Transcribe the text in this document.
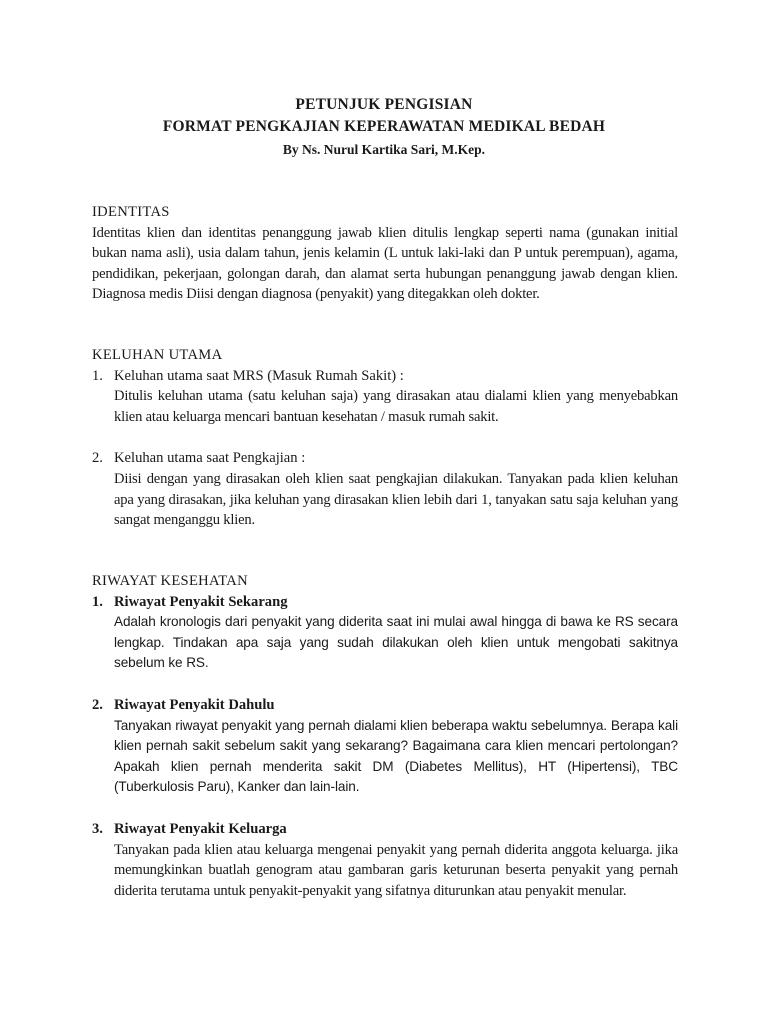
PETUNJUK PENGISIAN
FORMAT PENGKAJIAN KEPERAWATAN MEDIKAL BEDAH
By Ns. Nurul Kartika Sari, M.Kep.
IDENTITAS

Identitas klien dan identitas penanggung jawab klien ditulis lengkap seperti nama (gunakan initial bukan nama asli), usia dalam tahun, jenis kelamin (L untuk laki-laki dan P untuk perempuan), agama, pendidikan, pekerjaan, golongan darah, dan alamat serta hubungan penanggung jawab dengan klien. Diagnosa medis Diisi dengan diagnosa (penyakit) yang ditegakkan oleh dokter.

KELUHAN UTAMA
1. Keluhan utama saat MRS (Masuk Rumah Sakit) :
Ditulis keluhan utama (satu keluhan saja) yang dirasakan atau dialami klien yang menyebabkan klien atau keluarga mencari bantuan kesehatan / masuk rumah sakit.
2. Keluhan utama saat Pengkajian :
Diisi dengan yang dirasakan oleh klien saat pengkajian dilakukan. Tanyakan pada klien keluhan apa yang dirasakan, jika keluhan yang dirasakan klien lebih dari 1, tanyakan satu saja keluhan yang sangat menganggu klien.
RIWAYAT KESEHATAN
1. Riwayat Penyakit Sekarang
Adalah kronologis dari penyakit yang diderita saat ini mulai awal hingga di bawa ke RS secara lengkap. Tindakan apa saja yang sudah dilakukan oleh klien untuk mengobati sakitnya sebelum ke RS.
2. Riwayat Penyakit Dahulu
Tanyakan riwayat penyakit yang pernah dialami klien beberapa waktu sebelumnya. Berapa kali klien pernah sakit sebelum sakit yang sekarang? Bagaimana cara klien mencari pertolongan? Apakah klien pernah menderita sakit DM (Diabetes Mellitus), HT (Hipertensi), TBC (Tuberkulosis Paru), Kanker dan lain-lain.
3. Riwayat Penyakit Keluarga
Tanyakan pada klien atau keluarga mengenai penyakit yang pernah diderita anggota keluarga. jika memungkinkan buatlah genogram atau gambaran garis keturunan beserta penyakit yang pernah diderita terutama untuk penyakit-penyakit yang sifatnya diturunkan atau penyakit menular.
